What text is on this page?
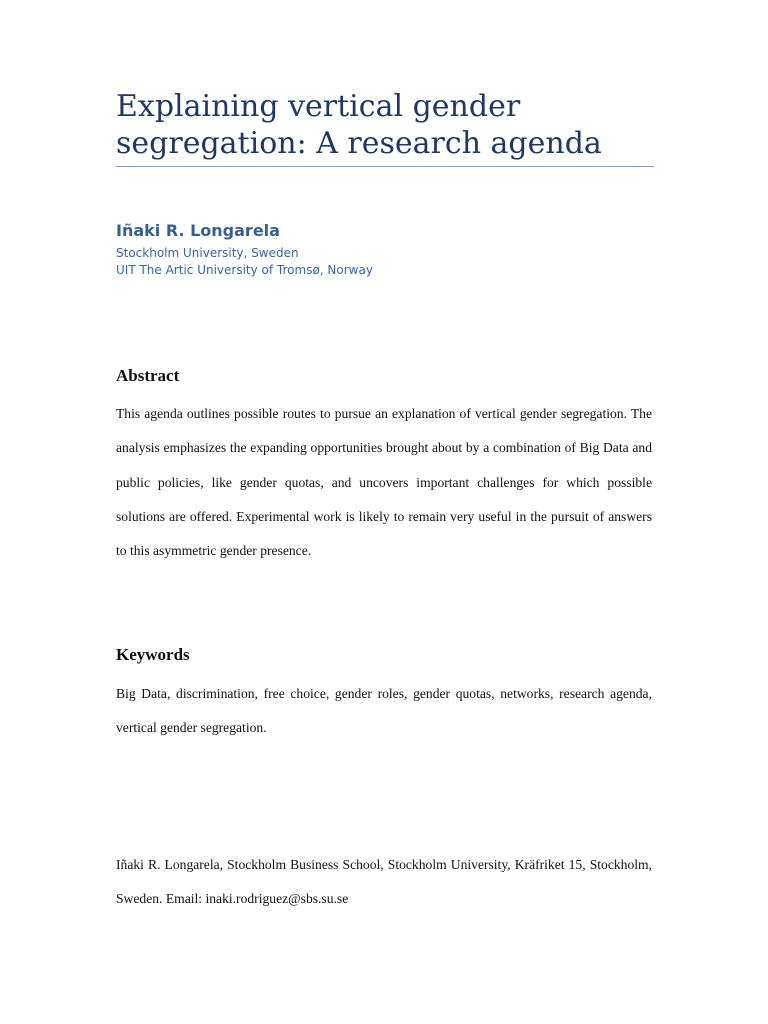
Explaining vertical gender segregation: A research agenda
Iñaki R. Longarela
Stockholm University, Sweden
UIT The Artic University of Tromsø, Norway
Abstract

This agenda outlines possible routes to pursue an explanation of vertical gender segregation. The analysis emphasizes the expanding opportunities brought about by a combination of Big Data and public policies, like gender quotas, and uncovers important challenges for which possible solutions are offered. Experimental work is likely to remain very useful in the pursuit of answers to this asymmetric gender presence.

Keywords

Big Data, discrimination, free choice, gender roles, gender quotas, networks, research agenda, vertical gender segregation.

Iñaki R. Longarela, Stockholm Business School, Stockholm University, Kräfriket 15, Stockholm, Sweden. Email: inaki.rodriguez@sbs.su.se
